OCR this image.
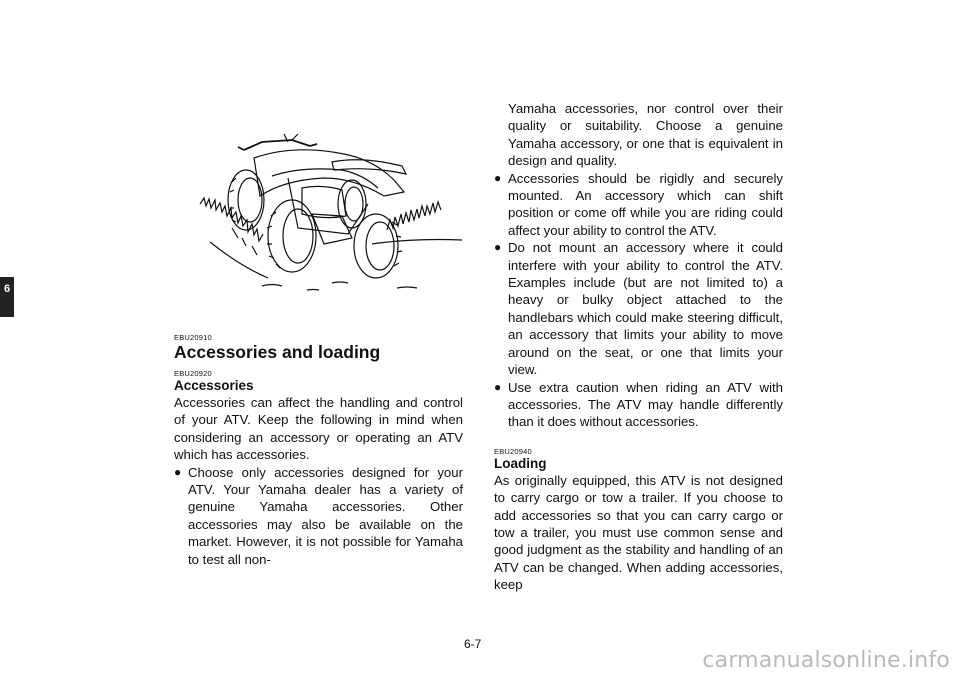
6
EBU20910
Accessories and loading
EBU20920
Accessories

Accessories can affect the handling and control of your ATV. Keep the following in mind when considering an accessory or operating an ATV which has accessories.

● Choose only accessories designed for your ATV. Your Yamaha dealer has a variety of genuine Yamaha accessories. Other accessories may also be available on the market. However, it is not possible for Yamaha to test all non-

Yamaha accessories, nor control over their quality or suitability. Choose a genuine Yamaha accessory, or one that is equivalent in design and quality.

● Accessories should be rigidly and securely mounted. An accessory which can shift position or come off while you are riding could affect your ability to control the ATV.
● Do not mount an accessory where it could interfere with your ability to control the ATV. Examples include (but are not limited to) a heavy or bulky object attached to the handlebars which could make steering difficult, an accessory that limits your ability to move around on the seat, or one that limits your view.
● Use extra caution when riding an ATV with accessories. The ATV may handle differently than it does without accessories.
EBU20940
Loading

As originally equipped, this ATV is not designed to carry cargo or tow a trailer. If you choose to add accessories so that you can carry cargo or tow a trailer, you must use common sense and good judgment as the stability and handling of an ATV can be changed. When adding accessories, keep

6-7
carmanualsonline.info
